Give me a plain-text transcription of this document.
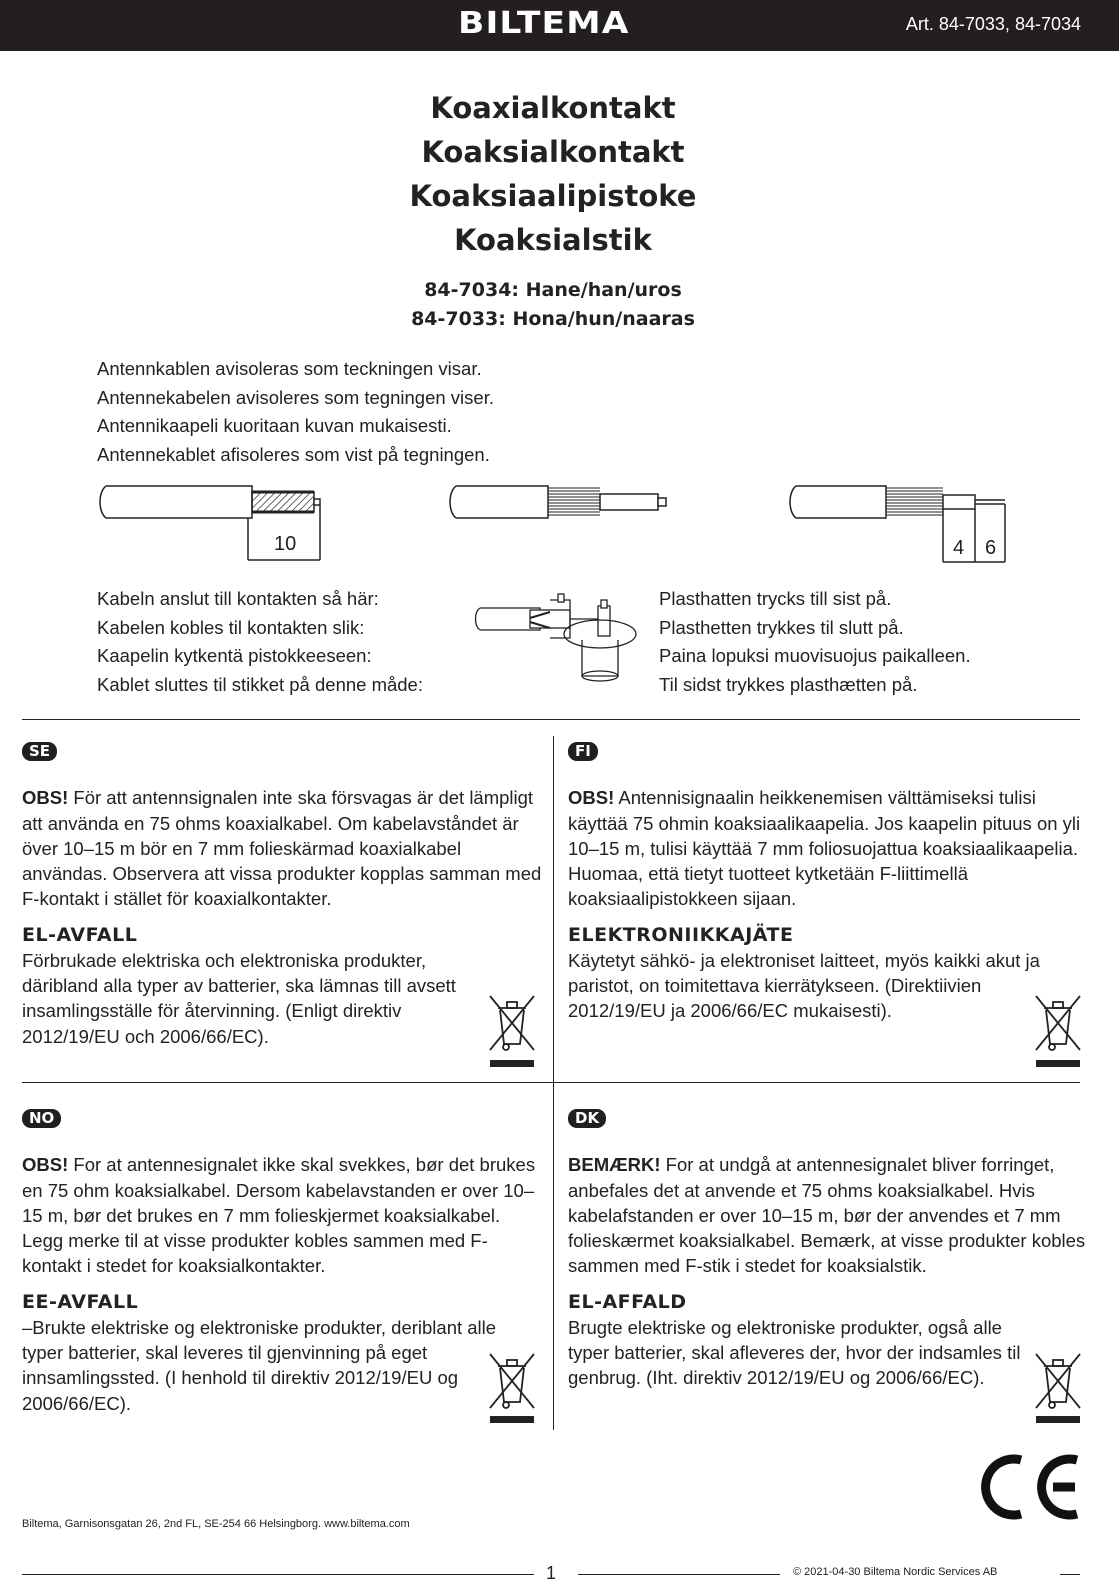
BILTEMA	Art. 84-7033, 84-7034
Koaxialkontakt
Koaksialkontakt
Koaksiaalipistoke
Koaksialstik
84-7034: Hane/han/uros
84-7033: Hona/hun/naaras
Antennkablen avisoleras som teckningen visar.
Antennekabelen avisoleres som tegningen viser.
Antennikaapeli kuoritaan kuvan mukaisesti.
Antennekablet afisoleres som vist på tegningen.
10	4 6
Kabeln anslut till kontakten så här:
Kabelen kobles til kontakten slik:
Kaapelin kytkentä pistokkeeseen:
Kablet sluttes til stikket på denne måde:
Plasthatten trycks till sist på.
Plasthetten trykkes til slutt på.
Paina lopuksi muovisuojus paikalleen.
Til sidst trykkes plasthætten på.
SE
OBS! För att antennsignalen inte ska försvagas är det lämpligt att använda en 75 ohms koaxialkabel. Om kabelavståndet är över 10–15 m bör en 7 mm folieskärmad koaxialkabel användas. Observera att vissa produkter kopplas samman med F-kontakt i stället för koaxialkontakter.
EL-AVFALL
Förbrukade elektriska och elektroniska produkter, däribland alla typer av batterier, ska lämnas till avsett insamlingsställe för återvinning. (Enligt direktiv 2012/19/EU och 2006/66/EC).
FI
OBS! Antennisignaalin heikkenemisen välttämiseksi tulisi käyttää 75 ohmin koaksiaalikaapelia. Jos kaapelin pituus on yli 10–15 m, tulisi käyttää 7 mm foliosuojattua koaksiaalikaapelia. Huomaa, että tietyt tuotteet kytketään F-liittimellä koaksiaalipistokkeen sijaan.
ELEKTRONIIKKAJÄTE
Käytetyt sähkö- ja elektroniset laitteet, myös kaikki akut ja paristot, on toimitettava kierrätykseen. (Direktiivien 2012/19/EU ja 2006/66/EC mukaisesti).
NO
OBS! For at antennesignalet ikke skal svekkes, bør det brukes en 75 ohm koaksialkabel. Dersom kabelavstanden er over 10–15 m, bør det brukes en 7 mm folieskjermet koaksialkabel. Legg merke til at visse produkter kobles sammen med F-kontakt i stedet for koaksialkontakter.
EE-AVFALL
–Brukte elektriske og elektroniske produkter, deriblant alle typer batterier, skal leveres til gjenvinning på eget innsamlingssted. (I henhold til direktiv 2012/19/EU og 2006/66/EC).
DK
BEMÆRK! For at undgå at antennesignalet bliver forringet, anbefales det at anvende et 75 ohms koaksialkabel. Hvis kabelafstanden er over 10–15 m, bør der anvendes et 7 mm folieskærmet koaksialkabel. Bemærk, at visse produkter kobles sammen med F-stik i stedet for koaksialstik.
EL-AFFALD
Brugte elektriske og elektroniske produkter, også alle typer batterier, skal afleveres der, hvor der indsamles til genbrug. (Iht. direktiv 2012/19/EU og 2006/66/EC).
Biltema, Garnisonsgatan 26, 2nd FL, SE-254 66 Helsingborg. www.biltema.com
1	© 2021-04-30 Biltema Nordic Services AB
